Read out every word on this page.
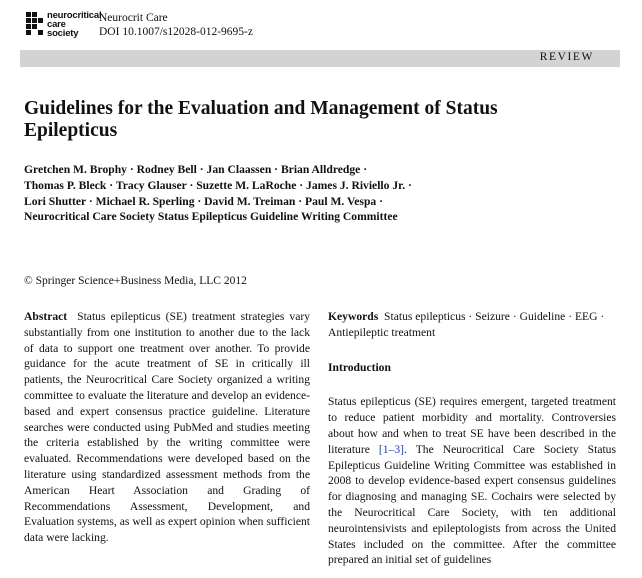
neurocritical
care
society
Neurocrit Care
DOI 10.1007/s12028-012-9695-z
REVIEW
Guidelines for the Evaluation and Management of Status Epilepticus
Gretchen M. Brophy · Rodney Bell · Jan Claassen · Brian Alldredge ·
Thomas P. Bleck · Tracy Glauser · Suzette M. LaRoche · James J. Riviello Jr. ·
Lori Shutter · Michael R. Sperling · David M. Treiman · Paul M. Vespa ·
Neurocritical Care Society Status Epilepticus Guideline Writing Committee
© Springer Science+Business Media, LLC 2012
Abstract Status epilepticus (SE) treatment strategies vary substantially from one institution to another due to the lack of data to support one treatment over another. To provide guidance for the acute treatment of SE in critically ill patients, the Neurocritical Care Society organized a writing committee to evaluate the literature and develop an evidence-based and expert consensus practice guideline. Literature searches were conducted using PubMed and studies meeting the criteria established by the writing committee were evaluated. Recommendations were developed based on the literature using standardized assessment methods from the American Heart Association and Grading of Recommendations Assessment, Development, and Evaluation systems, as well as expert opinion when sufficient data were lacking.
Keywords Status epilepticus · Seizure · Guideline · EEG · Antiepileptic treatment
Introduction
Status epilepticus (SE) requires emergent, targeted treatment to reduce patient morbidity and mortality. Controversies about how and when to treat SE have been described in the literature [1–3]. The Neurocritical Care Society Status Epilepticus Guideline Writing Committee was established in 2008 to develop evidence-based expert consensus guidelines for diagnosing and managing SE. Cochairs were selected by the Neurocritical Care Society, with ten additional neurointensivists and epileptologists from across the United States included on the committee. After the committee prepared an initial set of guidelines
